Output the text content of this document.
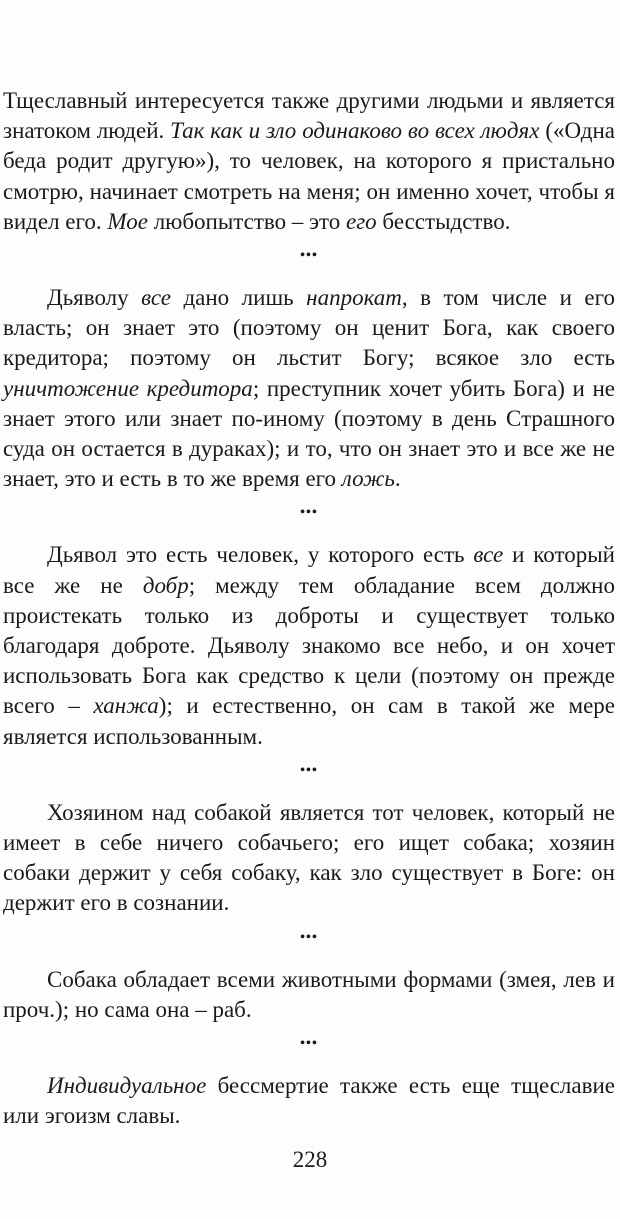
Тщеславный интересуется также другими людьми и является знатоком людей. Так как и зло одинаково во всех людях («Одна беда родит другую»), то человек, на которого я пристально смотрю, начинает смотреть на меня; он именно хочет, чтобы я видел его. Мое любопытство – это его бесстыдство.

•••

Дьяволу все дано лишь напрокат, в том числе и его власть; он знает это (поэтому он ценит Бога, как своего кредитора; поэтому он льстит Богу; всякое зло есть уничтожение кредитора; преступник хочет убить Бога) и не знает этого или знает по-иному (поэтому в день Страшного суда он остается в дураках); и то, что он знает это и все же не знает, это и есть в то же время его ложь.

•••

Дьявол это есть человек, у которого есть все и который все же не добр; между тем обладание всем должно проистекать только из доброты и существует только благодаря доброте. Дьяволу знакомо все небо, и он хочет использовать Бога как средство к цели (поэтому он прежде всего – ханжа); и естественно, он сам в такой же мере является использованным.

•••

Хозяином над собакой является тот человек, который не имеет в себе ничего собачьего; его ищет собака; хозяин собаки держит у себя собаку, как зло существует в Боге: он держит его в сознании.

•••

Собака обладает всеми животными формами (змея, лев и проч.); но сама она – раб.

•••

Индивидуальное бессмертие также есть еще тщеславие или эгоизм славы.

228
